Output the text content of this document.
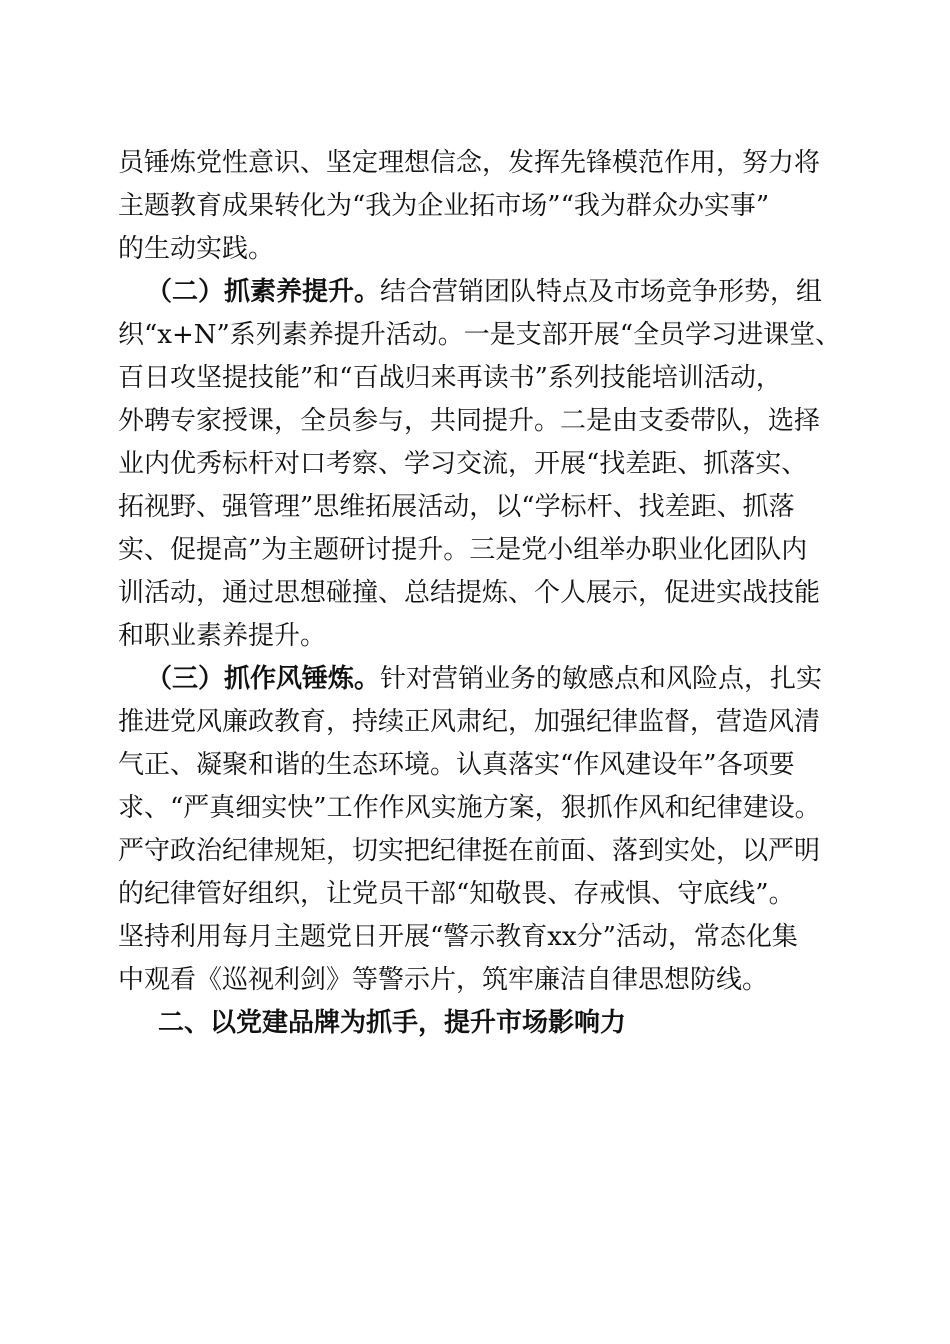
员锤炼党性意识、坚定理想信念，发挥先锋模范作用，努力将
主题教育成果转化为“我为企业拓市场”“我为群众办实事”
的生动实践。
（二）抓素养提升。结合营销团队特点及市场竞争形势，组
织“x+N”系列素养提升活动。一是支部开展“全员学习进课堂、
百日攻坚提技能”和“百战归来再读书”系列技能培训活动，
外聘专家授课，全员参与，共同提升。二是由支委带队，选择
业内优秀标杆对口考察、学习交流，开展“找差距、抓落实、
拓视野、强管理”思维拓展活动，以“学标杆、找差距、抓落
实、促提高”为主题研讨提升。三是党小组举办职业化团队内
训活动，通过思想碰撞、总结提炼、个人展示，促进实战技能
和职业素养提升。
（三）抓作风锤炼。针对营销业务的敏感点和风险点，扎实
推进党风廉政教育，持续正风肃纪，加强纪律监督，营造风清
气正、凝聚和谐的生态环境。认真落实“作风建设年”各项要
求、“严真细实快”工作作风实施方案，狠抓作风和纪律建设。
严守政治纪律规矩，切实把纪律挺在前面、落到实处，以严明
的纪律管好组织，让党员干部“知敬畏、存戒惧、守底线”。
坚持利用每月主题党日开展“警示教育xx分”活动，常态化集
中观看《巡视利剑》等警示片，筑牢廉洁自律思想防线。
二、以党建品牌为抓手，提升市场影响力
